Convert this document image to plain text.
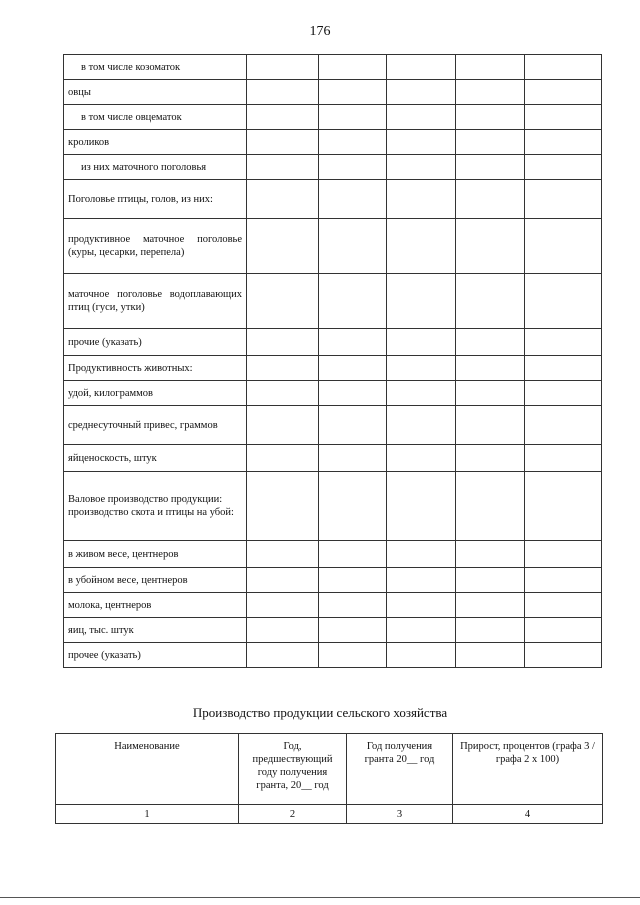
176
в том числе козоматок					
овцы					
в том числе овцематок					
кроликов					
из них маточного поголовья					
Поголовье птицы, голов, из них:					
продуктивное маточное поголовье (куры, цесарки, перепела)					
маточное поголовье водоплавающих птиц (гуси, утки)					
прочие (указать)					
Продуктивность животных:					
удой, килограммов					
среднесуточный привес, граммов					
яйценоскость, штук					
Валовое производство продукции:
производство скота и птицы на убой:					
в живом весе, центнеров					
в убойном весе, центнеров					
молока, центнеров					
яиц, тыс. штук					
прочее (указать)					
Производство продукции сельского хозяйства
Наименование	Год, предшествующий году получения гранта, 20__ год	Год получения гранта 20__ год	Прирост, процентов (графа 3 / графа 2 х 100)
1	2	3	4
